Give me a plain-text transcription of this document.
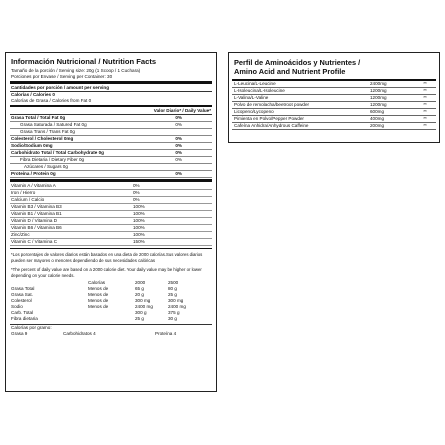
Información Nutricional / Nutrition Facts
Tamaño de la porción / Serving size: 20g (1 Scoop / 1 Cuchara)
Porciones por Envase / Serving per Container: 30
Cantidades por porción / amount per serving
Calorías / Calories 0
Calorías de Grasa / Calories from Fat 0
Valor Diario* / Daily Value*
Grasa Total / Total Fat 0g	0%
Grasa Saturada / Satured Fat 0g	0%
Grasa Trans / Trans Fat 0g
Colesterol / Cholesterol 0mg	0%
Sodio/Sodium 0mg	0%
Carbohidrato Total / Total Carbohydrate 0g	0%
Fibra Dietaria / Dietary Fiber 0g	0%
Azúcares / Sugars 0g
Proteína / Protein 0g	0%
Vitamin A / Vitamina A	0%
Iron / Hierro	0%
Calcium / Calcio	0%
Vitamin B3 / Vitamina B3	100%
Vitamin B1 / Vitamina B1	100%
Vitamin D / Vitamina D	100%
Vitamin B6 / Vitamina B6	100%
Zinc/Zinc	100%
Vitamin C / Vitamina C	150%
*Los porcentajes de valores diarios están basados en una dieta de 2000 calorías.Sus valores diarios pueden ser mayores o menores dependiendo de sus necesidades calóricas
*The percent of daily value are based on a 2000 calorie diet. Your daily value may be higher or lower depending on your calorie needs.
	Calorías	2000	2500
Grasa Total	Menos de	65 g	80 g
Grasa Sat.	Menos de	20 g	25 g
Colesterol	Menos de	300 mg	300 mg
Sodio	Menos de	2400 mg	2400 mg
Carb. Total		300 g	375 g
Fibra dietaria		25 g	30 g
Calorías por gramo:
Grasa 9	Carbohidratos 4	Proteína 4
Perfil de Aminoácidos y Nutrientes /
Amino Acid and Nutrient Profile
L-Leucina/L-Leucine	2400mg	**
L-Isoleucina/L-Isoleucine	1200mg	**
L-Valina/L-Valine	1200mg	**
Polvo de remolacha/beetroot powder	1200mg	**
Licopeno/Lycopeno	600mg	**
Pimienta en Polvo/Pepper Powder	400mg	**
Cafeína Anhidra/Anhydrous Caffeine	200mg	**
